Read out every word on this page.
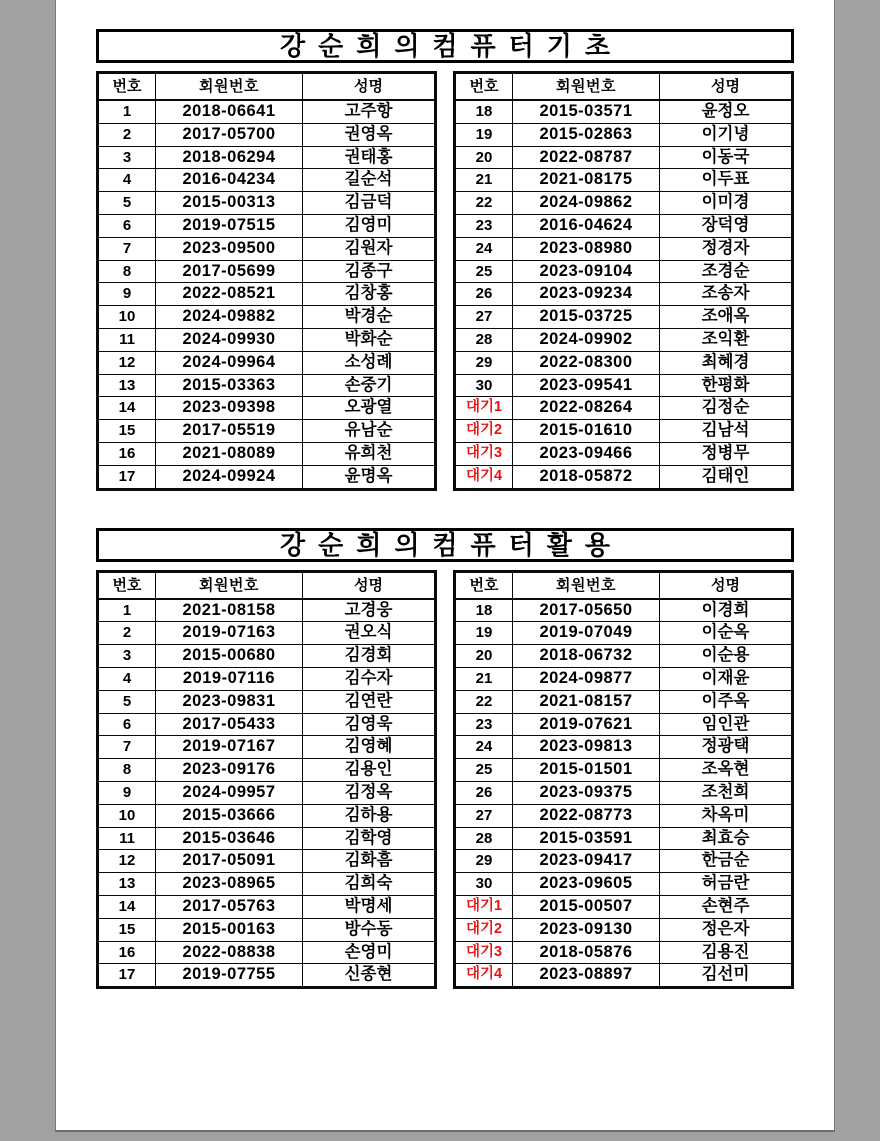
강순희의컴퓨터기초
번호	회원번호	성명
1	2018-06641	고주항
2	2017-05700	권영옥
3	2018-06294	권태홍
4	2016-04234	길순석
5	2015-00313	김금덕
6	2019-07515	김영미
7	2023-09500	김원자
8	2017-05699	김종구
9	2022-08521	김창홍
10	2024-09882	박경순
11	2024-09930	박화순
12	2024-09964	소성례
13	2015-03363	손중기
14	2023-09398	오광열
15	2017-05519	유남순
16	2021-08089	유희천
17	2024-09924	윤명옥
번호	회원번호	성명
18	2015-03571	윤정오
19	2015-02863	이기녕
20	2022-08787	이동국
21	2021-08175	이두표
22	2024-09862	이미경
23	2016-04624	장덕영
24	2023-08980	정경자
25	2023-09104	조경순
26	2023-09234	조송자
27	2015-03725	조애옥
28	2024-09902	조익환
29	2022-08300	최혜경
30	2023-09541	한평화
대기1	2022-08264	김정순
대기2	2015-01610	김남석
대기3	2023-09466	정병무
대기4	2018-05872	김태인
강순희의컴퓨터활용
번호	회원번호	성명
1	2021-08158	고경웅
2	2019-07163	권오식
3	2015-00680	김경회
4	2019-07116	김수자
5	2023-09831	김연란
6	2017-05433	김영욱
7	2019-07167	김영혜
8	2023-09176	김용인
9	2024-09957	김정옥
10	2015-03666	김하용
11	2015-03646	김학영
12	2017-05091	김화흠
13	2023-08965	김희숙
14	2017-05763	박명세
15	2015-00163	방수동
16	2022-08838	손영미
17	2019-07755	신종현
번호	회원번호	성명
18	2017-05650	이경희
19	2019-07049	이순옥
20	2018-06732	이순용
21	2024-09877	이재윤
22	2021-08157	이주옥
23	2019-07621	임인관
24	2023-09813	정광택
25	2015-01501	조옥현
26	2023-09375	조천희
27	2022-08773	차옥미
28	2015-03591	최효승
29	2023-09417	한금순
30	2023-09605	허금란
대기1	2015-00507	손현주
대기2	2023-09130	정은자
대기3	2018-05876	김용진
대기4	2023-08897	김선미
